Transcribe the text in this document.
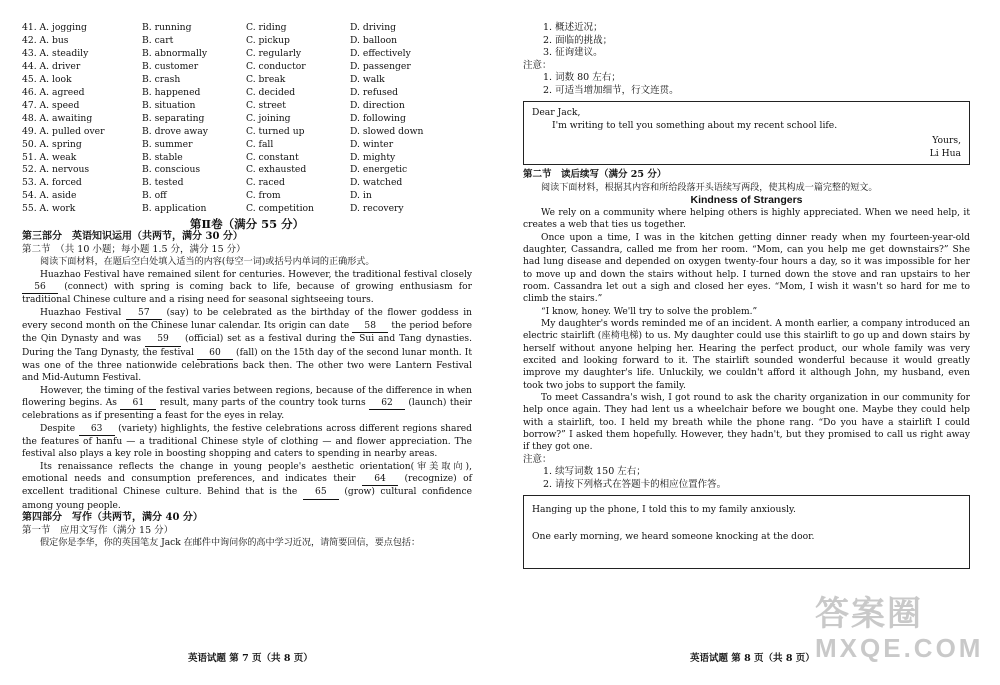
41. A. jogging	B. running	C. riding	D. driving
42. A. bus	B. cart	C. pickup	D. balloon
43. A. steadily	B. abnormally	C. regularly	D. effectively
44. A. driver	B. customer	C. conductor	D. passenger
45. A. look	B. crash	C. break	D. walk
46. A. agreed	B. happened	C. decided	D. refused
47. A. speed	B. situation	C. street	D. direction
48. A. awaiting	B. separating	C. joining	D. following
49. A. pulled over	B. drove away	C. turned up	D. slowed down
50. A. spring	B. summer	C. fall	D. winter
51. A. weak	B. stable	C. constant	D. mighty
52. A. nervous	B. conscious	C. exhausted	D. energetic
53. A. forced	B. tested	C. raced	D. watched
54. A. aside	B. off	C. from	D. in
55. A. work	B. application	C. competition	D. recovery
第Ⅱ卷（满分 55 分）
第三部分　英语知识运用（共两节，满分 30 分）
第二节　（共 10 小题；每小题 1.5 分，满分 15 分）

阅读下面材料，在题后空白处填入适当的内容(每空一词)或括号内单词的正确形式。

Huazhao Festival have remained silent for centuries. However, the traditional festival closely 56 (connect) with spring is coming back to life, because of growing enthusiasm for traditional Chinese culture and a rising need for seasonal sightseeing tours.

Huazhao Festival 57 (say) to be celebrated as the birthday of the flower goddess in every second month on the Chinese lunar calendar. Its origin can date 58 the period before the Qin Dynasty and was 59 (official) set as a festival during the Sui and Tang dynasties. During the Tang Dynasty, the festival 60 (fall) on the 15th day of the second lunar month. It was one of the three nationwide celebrations back then. The other two were Lantern Festival and Mid-Autumn Festival.

However, the timing of the festival varies between regions, because of the difference in when flowering begins. As 61 result, many parts of the country took turns 62 (launch) their celebrations as if presenting a feast for the eyes in relay.

Despite 63 (variety) highlights, the festive celebrations across different regions shared the features of hanfu — a traditional Chinese style of clothing — and flower appreciation. The festival also plays a key role in boosting shopping and caters to spending in nearby areas.

Its renaissance reflects the change in young people's aesthetic orientation(审美取向), emotional needs and consumption preferences, and indicates their 64 (recognize) of excellent traditional Chinese culture. Behind that is the 65 (grow) cultural confidence among young people.

第四部分　写作（共两节，满分 40 分）
第一节　应用文写作（满分 15 分）

假定你是李华，你的英国笔友 Jack 在邮件中询问你的高中学习近况，请简要回信，要点包括：

英语试题 第 7 页（共 8 页）
1. 概述近况；
2. 面临的挑战；
3. 征询建议。
注意：
1. 词数 80 左右；
2. 可适当增加细节，行文连贯。

Dear Jack,

I'm writing to tell you something about my recent school life.

Yours,

Li Hua

第二节　读后续写（满分 25 分）

阅读下面材料，根据其内容和所给段落开头语续写两段，使其构成一篇完整的短文。

Kindness of Strangers

We rely on a community where helping others is highly appreciated. When we need help, it creates a web that ties us together.

Once upon a time, I was in the kitchen getting dinner ready when my fourteen-year-old daughter, Cassandra, called me from her room. “Mom, can you help me get downstairs?” She had lung disease and depended on oxygen twenty-four hours a day, so it was impossible for her to move up and down the stairs without help. I turned down the stove and ran upstairs to her room. Cassandra let out a sigh and closed her eyes. “Mom, I wish it wasn't so hard for me to climb the stairs.”

“I know, honey. We'll try to solve the problem.”

My daughter's words reminded me of an incident. A month earlier, a company introduced an electric stairlift (座椅电梯) to us. My daughter could use this stairlift to go up and down stairs by herself without anyone helping her. Hearing the perfect product, our whole family was very excited and looking forward to it. The stairlift sounded wonderful because it would greatly improve my daughter's life. Unluckily, we couldn't afford it although John, my husband, even took two jobs to support the family.

To meet Cassandra's wish, I got round to ask the charity organization in our community for help once again. They had lent us a wheelchair before we bought one. Maybe they could help with a stairlift, too. I held my breath while the phone rang. “Do you have a stairlift I could borrow?” I asked them hopefully. However, they hadn't, but they promised to call us right away if they got one.

注意：
1. 续写词数 150 左右；
2. 请按下列格式在答题卡的相应位置作答。

Hanging up the phone, I told this to my family anxiously.

One early morning, we heard someone knocking at the door.

英语试题 第 8 页（共 8 页）
答案圈
MXQE.COM
